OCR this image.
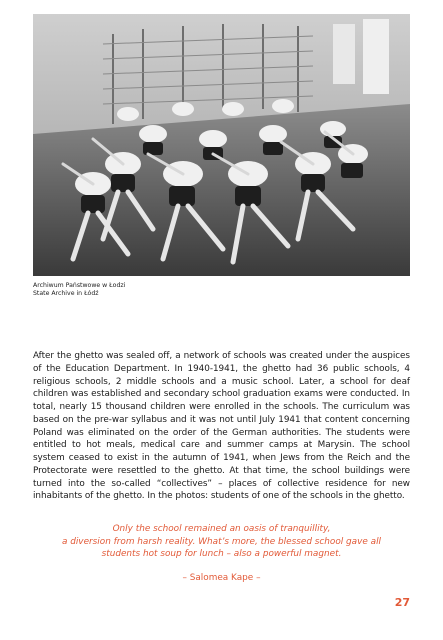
Archiwum Państwowe w Łodzi
State Archive in Łódź
After the ghetto was sealed off, a network of schools was created under the auspices of the Education Department. In 1940-1941, the ghetto had 36 public schools, 4 religious schools, 2 middle schools and a music school. Later, a school for deaf children was established and secondary school graduation exams were conducted. In total, nearly 15 thousand children were enrolled in the schools. The curriculum was based on the pre-war syllabus and it was not until July 1941 that content concerning Poland was eliminated on the order of the German authorities. The students were entitled to hot meals, medical care and summer camps at Marysin. The school system ceased to exist in the autumn of 1941, when Jews from the Reich and the Protectorate were resettled to the ghetto. At that time, the school buildings were turned into the so-called “collectives” – places of collective residence for new inhabitants of the ghetto. In the photos: students of one of the schools in the ghetto.
Only the school remained an oasis of tranquillity,
a diversion from harsh reality. What’s more, the blessed school gave all
students hot soup for lunch – also a powerful magnet.
– Salomea Kape –
27
